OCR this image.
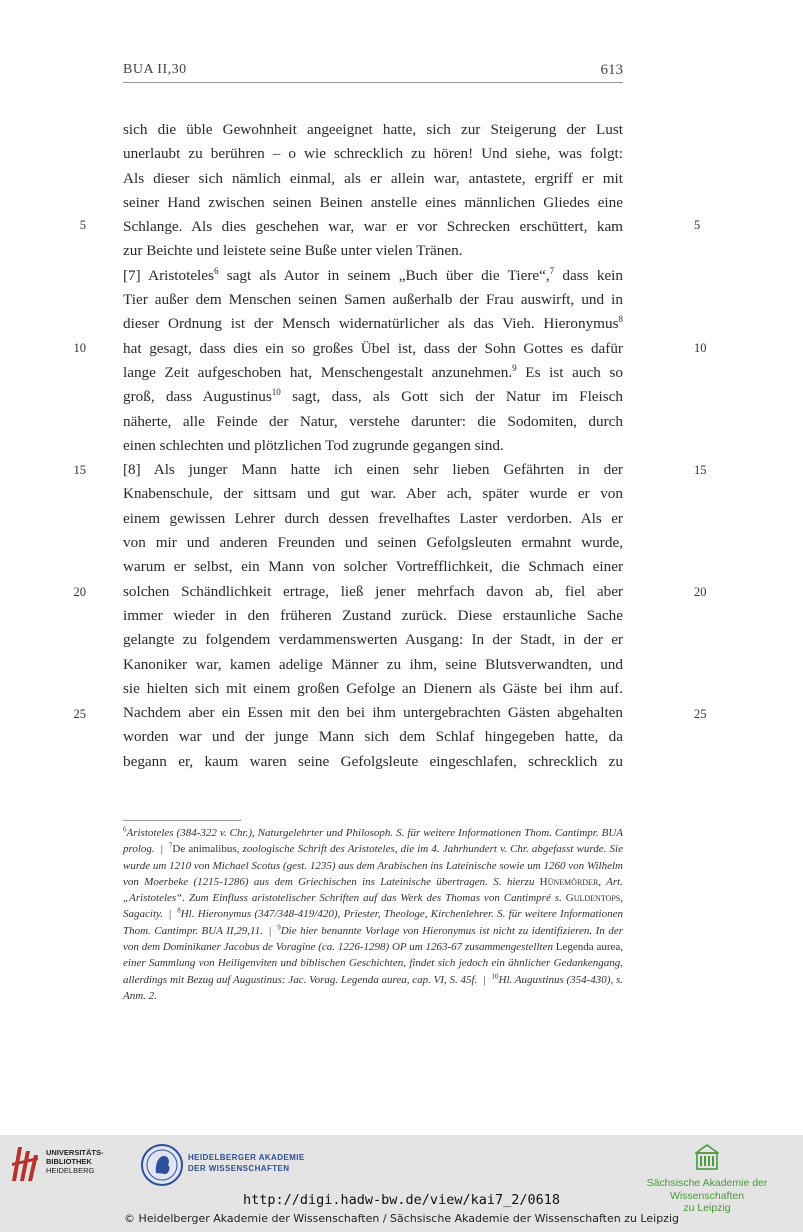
BUA II,30	613
5	5
10	10
15	15
20	20
25	25
sich die üble Gewohnheit angeeignet hatte, sich zur Steigerung der Lust
unerlaubt zu berühren – o wie schrecklich zu hören! Und siehe, was folgt:
Als dieser sich nämlich einmal, als er allein war, antastete, ergriff er mit
seiner Hand zwischen seinen Beinen anstelle eines männlichen Gliedes eine
Schlange. Als dies geschehen war, war er vor Schrecken erschüttert, kam
zur Beichte und leistete seine Buße unter vielen Tränen.
[7] Aristoteles$^6$ sagt als Autor in seinem „Buch über die Tiere“,$^7$ dass kein
Tier außer dem Menschen seinen Samen außerhalb der Frau auswirft, und in
dieser Ordnung ist der Mensch widernatürlicher als das Vieh. Hieronymus$^8$
hat gesagt, dass dies ein so großes Übel ist, dass der Sohn Gottes es dafür
lange Zeit aufgeschoben hat, Menschengestalt anzunehmen.$^9$ Es ist auch so
groß, dass Augustinus$^{10}$ sagt, dass, als Gott sich der Natur im Fleisch
näherte, alle Feinde der Natur, verstehe darunter: die Sodomiten, durch
einen schlechten und plötzlichen Tod zugrunde gegangen sind.
[8] Als junger Mann hatte ich einen sehr lieben Gefährten in der
Knabenschule, der sittsam und gut war. Aber ach, später wurde er von
einem gewissen Lehrer durch dessen frevelhaftes Laster verdorben. Als er
von mir und anderen Freunden und seinen Gefolgsleuten ermahnt wurde,
warum er selbst, ein Mann von solcher Vortrefflichkeit, die Schmach einer
solchen Schändlichkeit ertrage, ließ jener mehrfach davon ab, fiel aber
immer wieder in den früheren Zustand zurück. Diese erstaunliche Sache
gelangte zu folgendem verdammenswerten Ausgang: In der Stadt, in der er
Kanoniker war, kamen adelige Männer zu ihm, seine Blutsverwandten, und
sie hielten sich mit einem großen Gefolge an Dienern als Gäste bei ihm auf.
Nachdem aber ein Essen mit den bei ihm untergebrachten Gästen abgehalten
worden war und der junge Mann sich dem Schlaf hingegeben hatte, da
begann er, kaum waren seine Gefolgsleute eingeschlafen, schrecklich zu
$^6$Aristoteles (384-322 v. Chr.), Naturgelehrter und Philosoph. S. für weitere Informationen Thom. Cantimpr. BUA prolog. | $^7$De animalibus, zoologische Schrift des Aristoteles, die im 4. Jahrhundert v. Chr. abgefasst wurde. Sie wurde um 1210 von Michael Scotus (gest. 1235) aus dem Arabischen ins Lateinische sowie um 1260 von Wilhelm von Moerbeke (1215-1286) aus dem Griechischen ins Lateinische übertragen. S. hierzu Hünemörder, Art. „Aristoteles“. Zum Einfluss aristotelischer Schriften auf das Werk des Thomas von Cantimpré s. Guldentops, Sagacity. | $^8$Hl. Hieronymus (347/348-419/420), Priester, Theologe, Kirchenlehrer. S. für weitere Informationen Thom. Cantimpr. BUA II,29,11. | $^9$Die hier benannte Vorlage von Hieronymus ist nicht zu identifizieren. In der von dem Dominikaner Jacobus de Voragine (ca. 1226-1298) OP um 1263-67 zusammengestellten Legenda aurea, einer Sammlung von Heiligenviten und biblischen Geschichten, findet sich jedoch ein ähnlicher Gedankengang, allerdings mit Bezug auf Augustinus: Jac. Vorag. Legenda aurea, cap. VI, S. 45f. | $^{10}$Hl. Augustinus (354-430), s. Anm. 2.
UNIVERSITÄTS-
BIBLIOTHEK
HEIDELBERG
HEIDELBERGER AKADEMIE
DER WISSENSCHAFTEN
Sächsische Akademie der Wissenschaften
zu Leipzig
http://digi.hadw-bw.de/view/kai7_2/0618
© Heidelberger Akademie der Wissenschaften / Sächsische Akademie der Wissenschaften zu Leipzig
